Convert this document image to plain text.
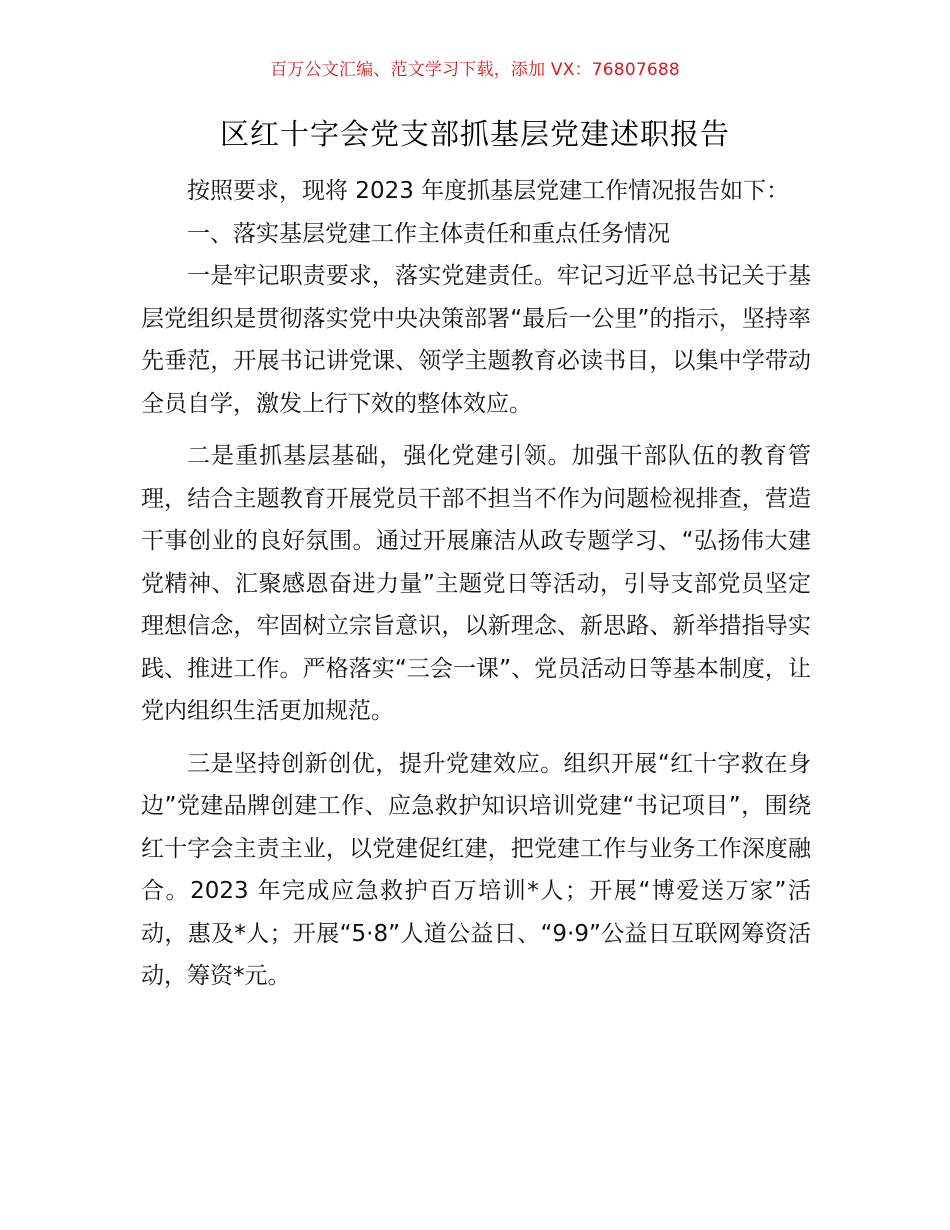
百万公文汇编、范文学习下载，添加 VX：76807688
区红十字会党支部抓基层党建述职报告

按照要求，现将 2023 年度抓基层党建工作情况报告如下：

一、落实基层党建工作主体责任和重点任务情况

一是牢记职责要求，落实党建责任。牢记习近平总书记关于基层党组织是贯彻落实党中央决策部署“最后一公里”的指示，坚持率先垂范，开展书记讲党课、领学主题教育必读书目，以集中学带动全员自学，激发上行下效的整体效应。

二是重抓基层基础，强化党建引领。加强干部队伍的教育管理，结合主题教育开展党员干部不担当不作为问题检视排查，营造干事创业的良好氛围。通过开展廉洁从政专题学习、“弘扬伟大建党精神、汇聚感恩奋进力量”主题党日等活动，引导支部党员坚定理想信念，牢固树立宗旨意识，以新理念、新思路、新举措指导实践、推进工作。严格落实“三会一课”、党员活动日等基本制度，让党内组织生活更加规范。

三是坚持创新创优，提升党建效应。组织开展“红十字救在身边”党建品牌创建工作、应急救护知识培训党建“书记项目”，围绕红十字会主责主业，以党建促红建，把党建工作与业务工作深度融合。2023 年完成应急救护百万培训*人；开展“博爱送万家”活动，惠及*人；开展“5·8”人道公益日、“9·9”公益日互联网筹资活动，筹资*元。
